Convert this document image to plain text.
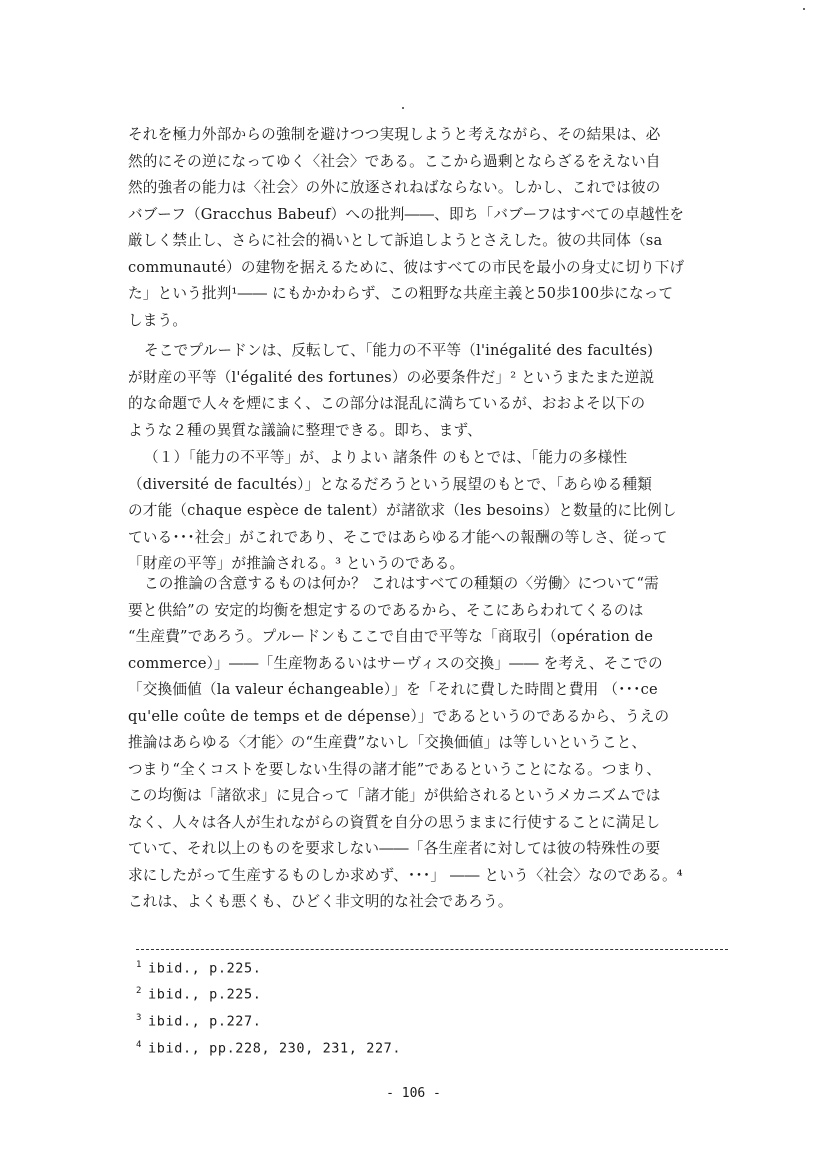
それを極力外部からの強制を避けつつ実現しようと考えながら、その結果は、必
然的にその逆になってゆく〈社会〉である。ここから過剰とならざるをえない自
然的強者の能力は〈社会〉の外に放逐されねばならない。しかし、これでは彼の
バブーフ（Gracchus Babeuf）への批判――、即ち「バブーフはすべての卓越性を
厳しく禁止し、さらに社会的禍いとして訴追しようとさえした。彼の共同体（sa
communauté）の建物を据えるために、彼はすべての市民を最小の身丈に切り下げ
た」という批判¹―― にもかかわらず、この粗野な共産主義と50歩100歩になって
しまう。
そこでプルードンは、反転して、「能力の不平等（l'inégalité des facultés)
が財産の平等（l'égalité des fortunes）の必要条件だ」² というまたまた逆説
的な命題で人々を煙にまく、この部分は混乱に満ちているが、おおよそ以下の
ような２種の異質な議論に整理できる。即ち、まず、
（１）「能力の不平等」が、よりよい 諸条件 のもとでは、「能力の多様性
（diversité de facultés）」となるだろうという展望のもとで、「あらゆる種類
の才能（chaque espèce de talent）が諸欲求（les besoins）と数量的に比例し
ている･･･社会」がこれであり、そこではあらゆる才能への報酬の等しさ、従って
「財産の平等」が推論される。³ というのである。
この推論の含意するものは何か？ これはすべての種類の〈労働〉について“需
要と供給”の 安定的均衡を想定するのであるから、そこにあらわれてくるのは
“生産費”であろう。プルードンもここで自由で平等な「商取引（opération de
commerce）」――「生産物あるいはサーヴィスの交換」―― を考え、そこでの
「交換価値（la valeur échangeable）」を「それに費した時間と費用 （･･･ce
qu'elle coûte de temps et de dépense）」であるというのであるから、うえの
推論はあらゆる〈才能〉の“生産費”ないし「交換価値」は等しいということ、
つまり“全くコストを要しない生得の諸才能”であるということになる。つまり、
この均衡は「諸欲求」に見合って「諸才能」が供給されるというメカニズムでは
なく、人々は各人が生れながらの資質を自分の思うままに行使することに満足し
ていて、それ以上のものを要求しない――「各生産者に対しては彼の特殊性の要
求にしたがって生産するものしか求めず、･･･」 ―― という〈社会〉なのである。⁴
これは、よくも悪くも、ひどく非文明的な社会であろう。
$^1$ ibid., p.225.
$^2$ ibid., p.225.
$^3$ ibid., p.227.
$^4$ ibid., pp.228, 230, 231, 227.
- 106 -
